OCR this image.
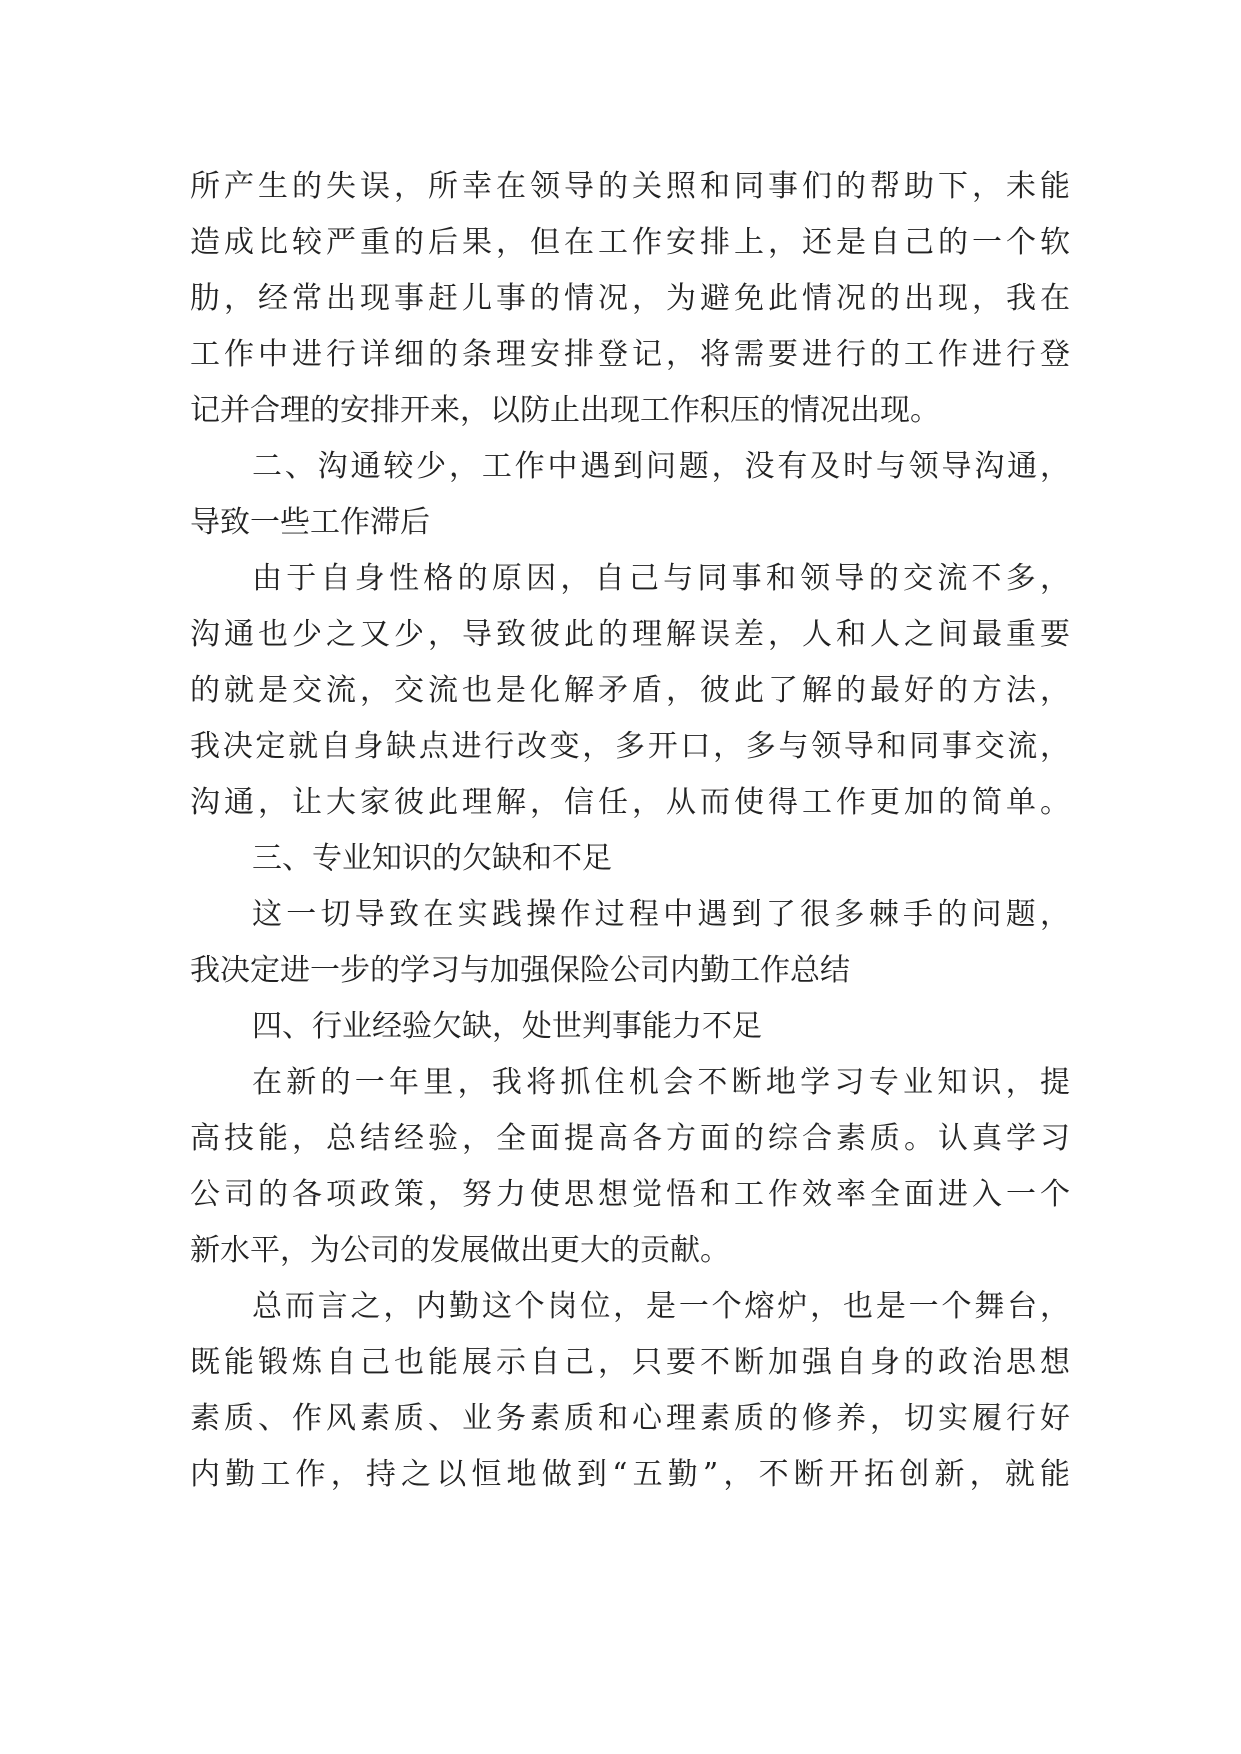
所产生的失误，所幸在领导的关照和同事们的帮助下，未能
造成比较严重的后果，但在工作安排上，还是自己的一个软
肋，经常出现事赶儿事的情况，为避免此情况的出现，我在
工作中进行详细的条理安排登记，将需要进行的工作进行登
记并合理的安排开来，以防止出现工作积压的情况出现。
二、沟通较少，工作中遇到问题，没有及时与领导沟通，
导致一些工作滞后
由于自身性格的原因，自己与同事和领导的交流不多，
沟通也少之又少，导致彼此的理解误差，人和人之间最重要
的就是交流，交流也是化解矛盾，彼此了解的最好的方法，
我决定就自身缺点进行改变，多开口，多与领导和同事交流，
沟通，让大家彼此理解，信任，从而使得工作更加的简单。
三、专业知识的欠缺和不足
这一切导致在实践操作过程中遇到了很多棘手的问题，
我决定进一步的学习与加强保险公司内勤工作总结
四、行业经验欠缺，处世判事能力不足
在新的一年里，我将抓住机会不断地学习专业知识，提
高技能，总结经验，全面提高各方面的综合素质。认真学习
公司的各项政策，努力使思想觉悟和工作效率全面进入一个
新水平，为公司的发展做出更大的贡献。
总而言之，内勤这个岗位，是一个熔炉，也是一个舞台，
既能锻炼自己也能展示自己，只要不断加强自身的政治思想
素质、作风素质、业务素质和心理素质的修养，切实履行好
内勤工作，持之以恒地做到“五勤”，不断开拓创新，就能
